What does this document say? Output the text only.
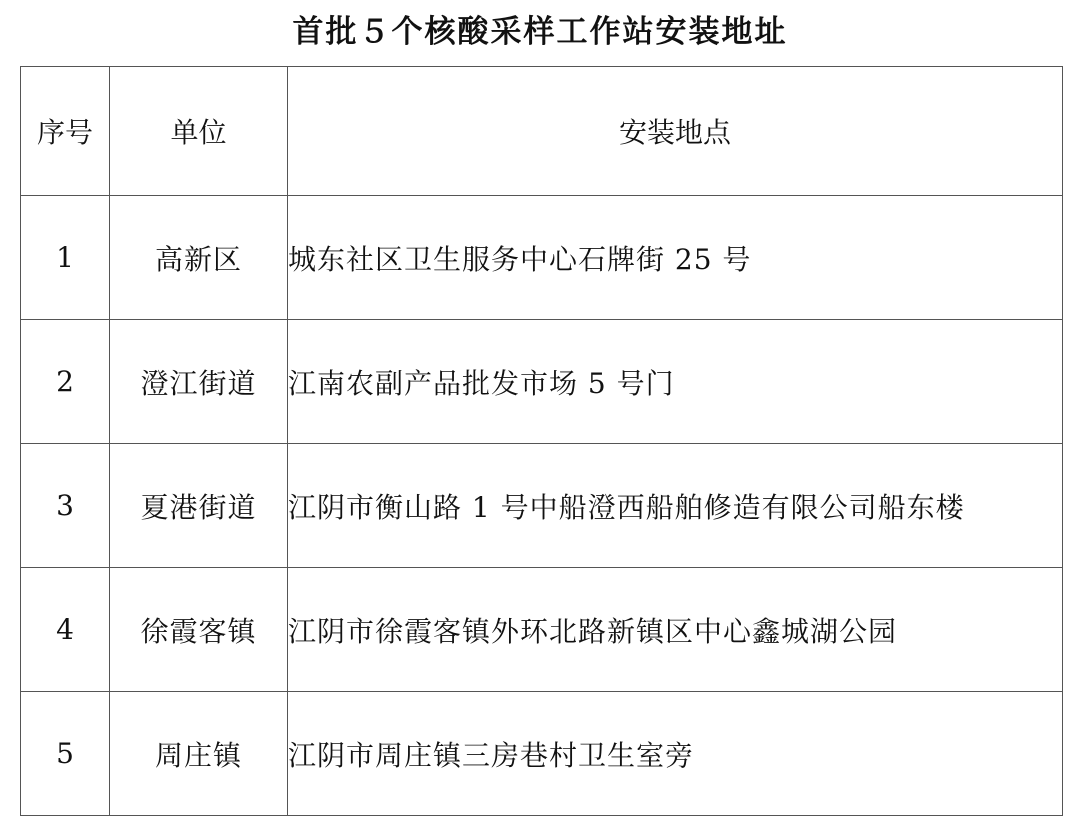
首批５个核酸采样工作站安装地址
序号	单位	安装地点
1	高新区	城东社区卫生服务中心石牌街 25 号
2	澄江街道	江南农副产品批发市场 5 号门
3	夏港街道	江阴市衡山路 1 号中船澄西船舶修造有限公司船东楼
4	徐霞客镇	江阴市徐霞客镇外环北路新镇区中心鑫城湖公园
5	周庄镇	江阴市周庄镇三房巷村卫生室旁
